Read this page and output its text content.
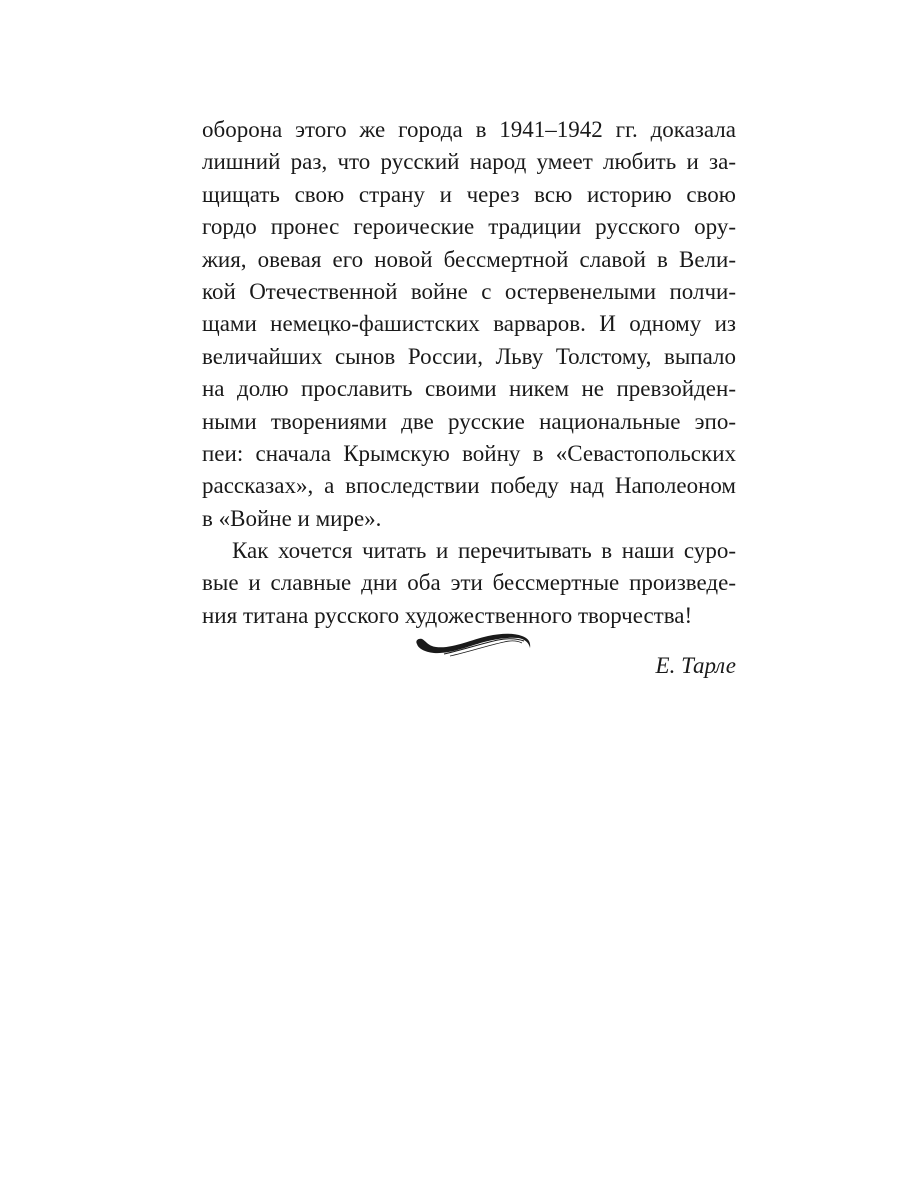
оборона этого же города в 1941–1942 гг. доказала
лишний раз, что русский народ умеет любить и за-
щищать свою страну и через всю историю свою
гордо пронес героические традиции русского ору-
жия, овевая его новой бессмертной славой в Вели-
кой Отечественной войне с остервенелыми полчи-
щами немецко-фашистских варваров. И одному из
величайших сынов России, Льву Толстому, выпало
на долю прославить своими никем не превзойден-
ными творениями две русские национальные эпо-
пеи: сначала Крымскую войну в «Севастопольских
рассказах», а впоследствии победу над Наполеоном
в «Войне и мире».
Как хочется читать и перечитывать в наши суро-
вые и славные дни оба эти бессмертные произведе-
ния титана русского художественного творчества!
Е. Тарле
